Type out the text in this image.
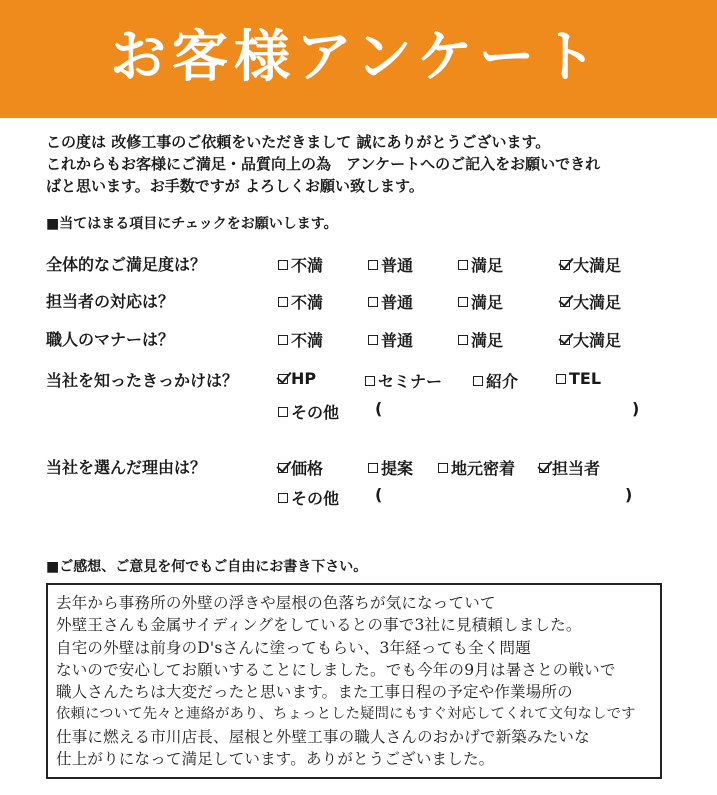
お客様アンケート
この度は 改修工事のご依頼をいただきまして 誠にありがとうございます。
これからもお客様にご満足・品質向上の為　アンケートへのご記入をお願いできれ
ばと思います。お手数ですが よろしくお願い致します。
■当てはまる項目にチェックをお願いします。
全体的なご満足度は？	不満	普通	満足	大満足
担当者の対応は？	不満	普通	満足	大満足
職人のマナーは？	不満	普通	満足	大満足
当社を知ったきっかけは？	HP	セミナー	紹介	TEL
その他 (	)
当社を選んだ理由は？	価格	提案 地元密着 担当者
その他 (	)
■ご感想、ご意見を何でもご自由にお書き下さい。
去年から事務所の外壁の浮きや屋根の色落ちが気になっていて
外壁王さんも金属サイディングをしているとの事で3社に見積頼しました。
自宅の外壁は前身のD'sさんに塗ってもらい、3年経っても全く問題
ないので安心してお願いすることにしました。でも今年の9月は暑さとの戦いで
職人さんたちは大変だったと思います。また工事日程の予定や作業場所の
依頼について先々と連絡があり、ちょっとした疑問にもすぐ対応してくれて文句なしです
仕事に燃える市川店長、屋根と外壁工事の職人さんのおかげで新築みたいな
仕上がりになって満足しています。ありがとうございました。
